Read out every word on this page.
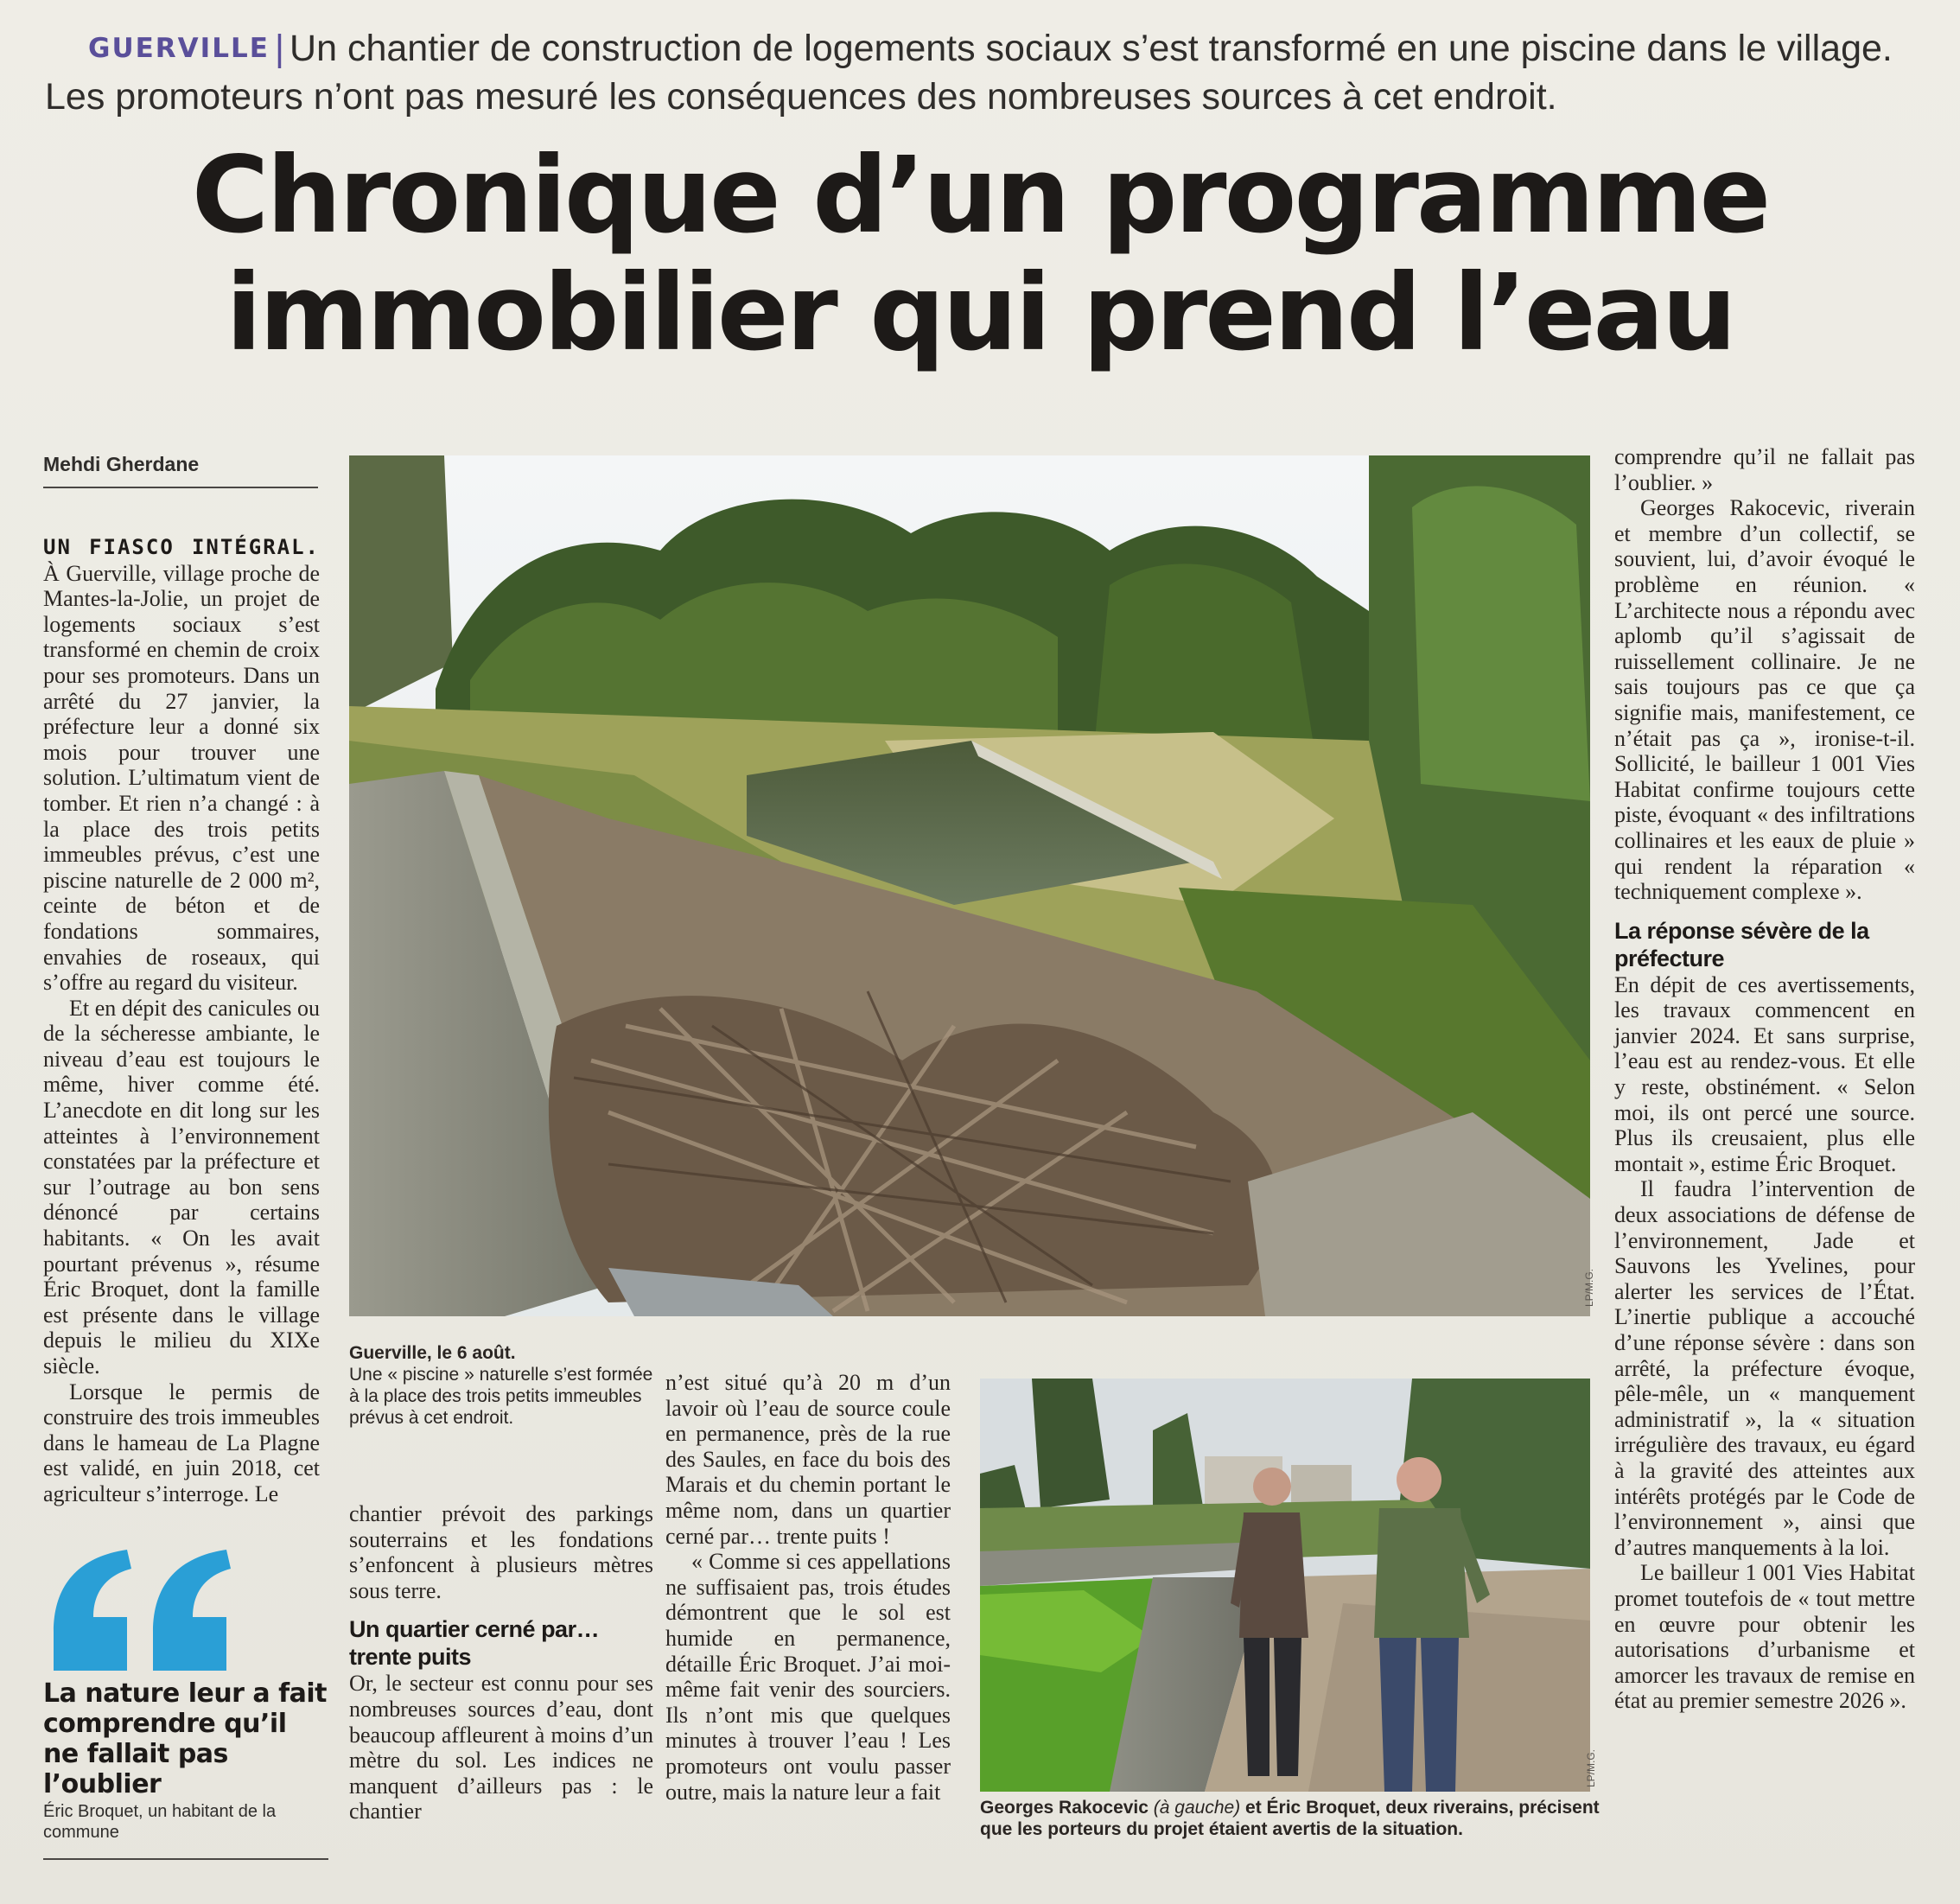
GUERVILLE | Un chantier de construction de logements sociaux s’est transformé en une piscine dans le village. Les promoteurs n’ont pas mesuré les conséquences des nombreuses sources à cet endroit.
Chronique d’un programme
immobilier qui prend l’eau
Mehdi Gherdane

UN FIASCO INTÉGRAL. À Guerville, village proche de Mantes-la-Jolie, un projet de logements sociaux s’est transformé en chemin de croix pour ses promoteurs. Dans un arrêté du 27 janvier, la préfecture leur a donné six mois pour trouver une solution. L’ultimatum vient de tomber. Et rien n’a changé : à la place des trois petits immeubles prévus, c’est une piscine naturelle de 2 000 m², ceinte de béton et de fondations sommaires, envahies de roseaux, qui s’offre au regard du visiteur.

Et en dépit des canicules ou de la sécheresse ambiante, le niveau d’eau est toujours le même, hiver comme été. L’anecdote en dit long sur les atteintes à l’environnement constatées par la préfecture et sur l’outrage au bon sens dénoncé par certains habitants. « On les avait pourtant prévenus », résume Éric Broquet, dont la famille est présente dans le village depuis le milieu du XIXe siècle.

Lorsque le permis de construire des trois immeubles dans le hameau de La Plagne est validé, en juin 2018, cet agriculteur s’interroge. Le

LP/M.G.
Guerville, le 6 août.
Une « piscine » naturelle s’est formée à la place des trois petits immeubles prévus à cet endroit.

chantier prévoit des parkings souterrains et les fondations s’enfoncent à plusieurs mètres sous terre.

Un quartier cerné par… trente puits

Or, le secteur est connu pour ses nombreuses sources d’eau, dont beaucoup affleurent à moins d’un mètre du sol. Les indices ne manquent d’ailleurs pas : le chantier

n’est situé qu’à 20 m d’un lavoir où l’eau de source coule en permanence, près de la rue des Saules, en face du bois des Marais et du chemin portant le même nom, dans un quartier cerné par… trente puits !

« Comme si ces appellations ne suffisaient pas, trois études démontrent que le sol est humide en permanence, détaille Éric Broquet. J’ai moi-même fait venir des sourciers. Ils n’ont mis que quelques minutes à trouver l’eau ! Les promoteurs ont voulu passer outre, mais la nature leur a fait

LP/M.G.
Georges Rakocevic (à gauche) et Éric Broquet, deux riverains, précisent que les porteurs du projet étaient avertis de la situation.

comprendre qu’il ne fallait pas l’oublier. »

Georges Rakocevic, riverain et membre d’un collectif, se souvient, lui, d’avoir évoqué le problème en réunion. « L’architecte nous a répondu avec aplomb qu’il s’agissait de ruissellement collinaire. Je ne sais toujours pas ce que ça signifie mais, manifestement, ce n’était pas ça », ironise-t-il. Sollicité, le bailleur 1 001 Vies Habitat confirme toujours cette piste, évoquant « des infiltrations collinaires et les eaux de pluie » qui rendent la réparation « techniquement complexe ».

La réponse sévère de la préfecture

En dépit de ces avertissements, les travaux commencent en janvier 2024. Et sans surprise, l’eau est au rendez-vous. Et elle y reste, obstinément. « Selon moi, ils ont percé une source. Plus ils creusaient, plus elle montait », estime Éric Broquet.

Il faudra l’intervention de deux associations de défense de l’environnement, Jade et Sauvons les Yvelines, pour alerter les services de l’État. L’inertie publique a accouché d’une réponse sévère : dans son arrêté, la préfecture évoque, pêle-mêle, un « manquement administratif », la « situation irrégulière des travaux, eu égard à la gravité des atteintes aux intérêts protégés par le Code de l’environnement », ainsi que d’autres manquements à la loi.

Le bailleur 1 001 Vies Habitat promet toutefois de « tout mettre en œuvre pour obtenir les autorisations d’urbanisme et amorcer les travaux de remise en état au premier semestre 2026 ».

La nature leur a fait comprendre qu’il ne fallait pas l’oublier
Éric Broquet, un habitant de la commune
